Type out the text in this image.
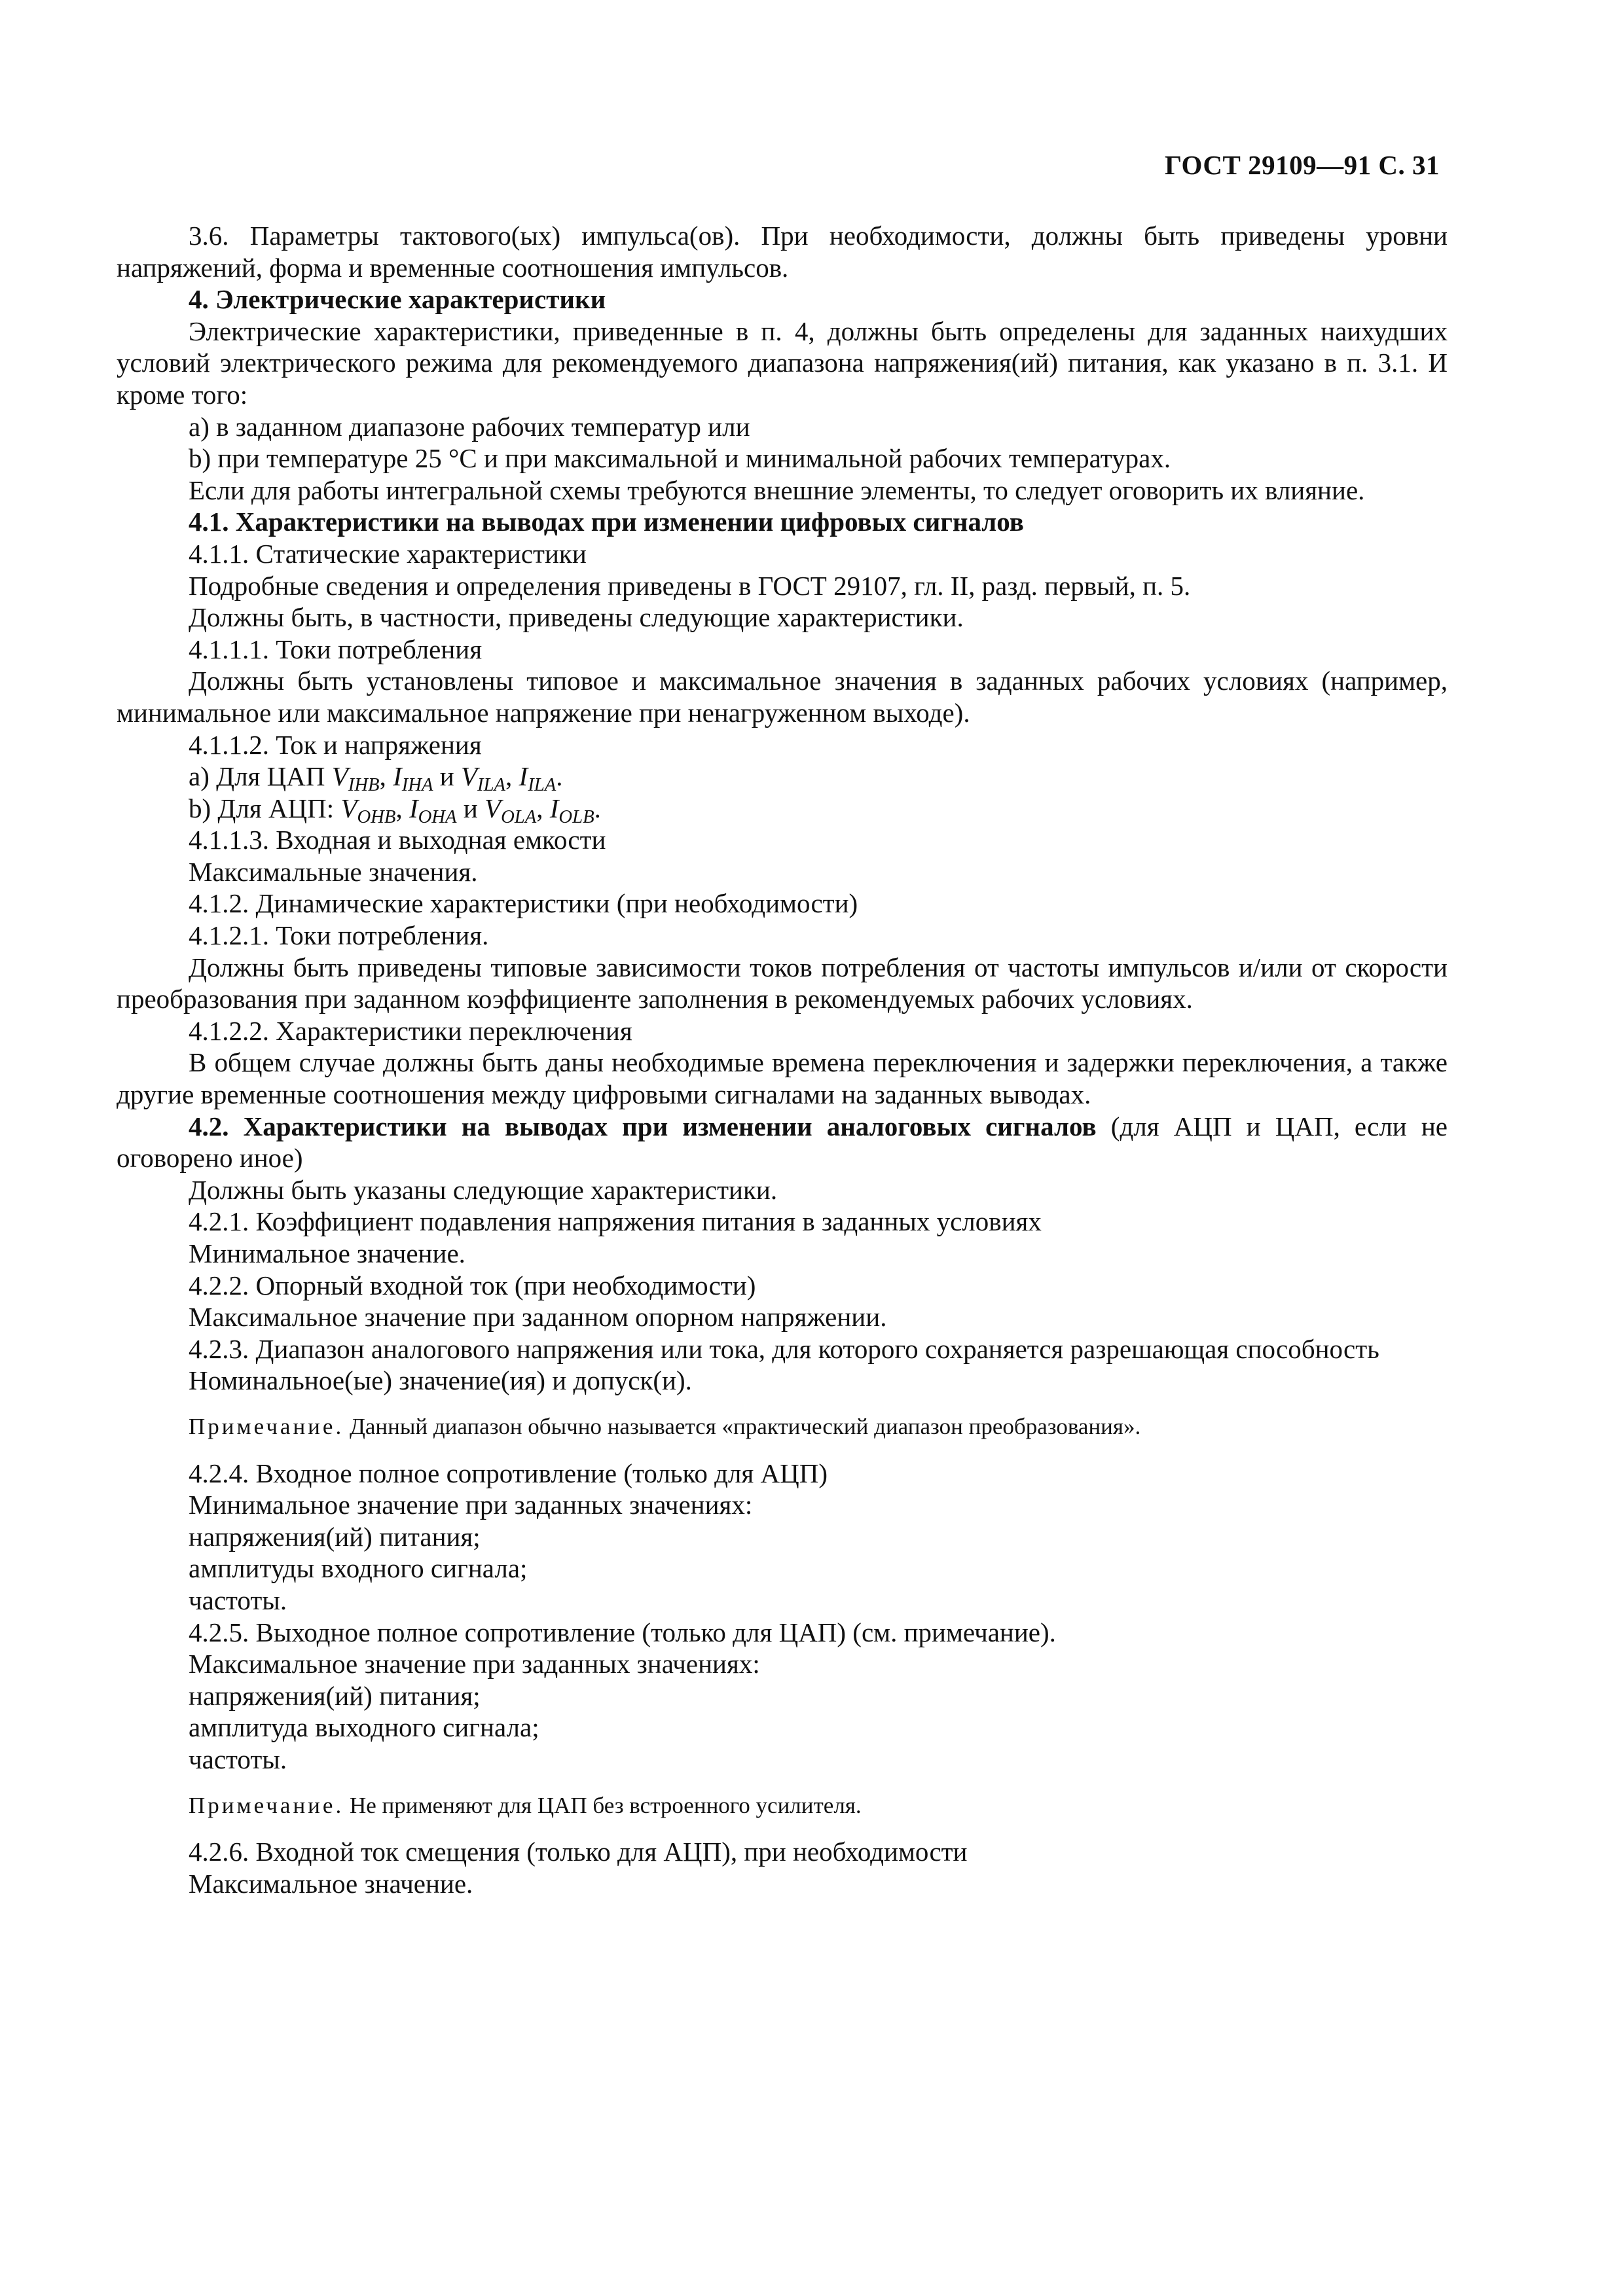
ГОСТ 29109—91 С. 31

3.6. Параметры тактового(ых) импульса(ов). При необходимости, должны быть приведены уровни напряжений, форма и временные соотношения импульсов.

4. Электрические характеристики

Электрические характеристики, приведенные в п. 4, должны быть определены для заданных наихудших условий электрического режима для рекомендуемого диапазона напряжения(ий) питания, как указано в п. 3.1. И кроме того:

а) в заданном диапазоне рабочих температур или

b) при температуре 25 °С и при максимальной и минимальной рабочих температурах.

Если для работы интегральной схемы требуются внешние элементы, то следует оговорить их влияние.

4.1. Характеристики на выводах при изменении цифровых сигналов

4.1.1. Статические характеристики

Подробные сведения и определения приведены в ГОСТ 29107, гл. II, разд. первый, п. 5.

Должны быть, в частности, приведены следующие характеристики.

4.1.1.1. Токи потребления

Должны быть установлены типовое и максимальное значения в заданных рабочих условиях (например, минимальное или максимальное напряжение при ненагруженном выходе).

4.1.1.2. Ток и напряжения

а) Для ЦАП $V_{IHB}$, $I_{IHA}$ и $V_{ILA}$, $I_{ILA}$.

b) Для АЦП: $V_{OHB}$, $I_{OHA}$ и $V_{OLA}$, $I_{OLB}$.

4.1.1.3. Входная и выходная емкости

Максимальные значения.

4.1.2. Динамические характеристики (при необходимости)

4.1.2.1. Токи потребления.

Должны быть приведены типовые зависимости токов потребления от частоты импульсов и/или от скорости преобразования при заданном коэффициенте заполнения в рекомендуемых рабочих условиях.

4.1.2.2. Характеристики переключения

В общем случае должны быть даны необходимые времена переключения и задержки переключения, а также другие временные соотношения между цифровыми сигналами на заданных выводах.

4.2. Характеристики на выводах при изменении аналоговых сигналов (для АЦП и ЦАП, если не оговорено иное)

Должны быть указаны следующие характеристики.

4.2.1. Коэффициент подавления напряжения питания в заданных условиях

Минимальное значение.

4.2.2. Опорный входной ток (при необходимости)

Максимальное значение при заданном опорном напряжении.

4.2.3. Диапазон аналогового напряжения или тока, для которого сохраняется разрешающая способность

Номинальное(ые) значение(ия) и допуск(и).

Примечание. Данный диапазон обычно называется «практический диапазон преобразования».

4.2.4. Входное полное сопротивление (только для АЦП)

Минимальное значение при заданных значениях:

напряжения(ий) питания;

амплитуды входного сигнала;

частоты.

4.2.5. Выходное полное сопротивление (только для ЦАП) (см. примечание).

Максимальное значение при заданных значениях:

напряжения(ий) питания;

амплитуда выходного сигнала;

частоты.

Примечание. Не применяют для ЦАП без встроенного усилителя.

4.2.6. Входной ток смещения (только для АЦП), при необходимости

Максимальное значение.
